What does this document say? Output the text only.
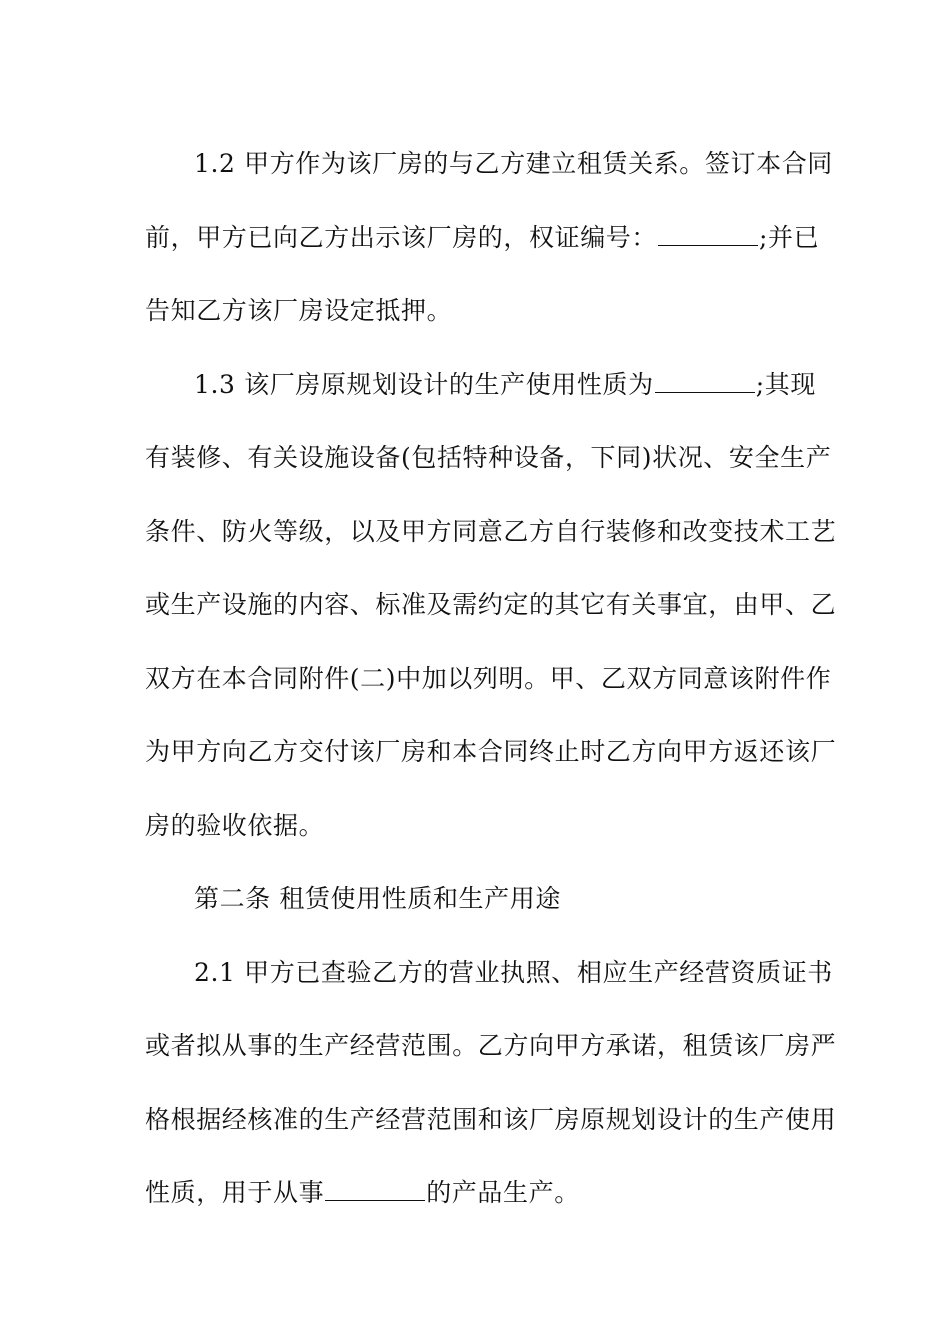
1.2 甲方作为该厂房的与乙方建立租赁关系。签订本合同
前，甲方已向乙方出示该厂房的，权证编号：	;并已
告知乙方该厂房设定抵押。

1.3 该厂房原规划设计的生产使用性质为	;其现
有装修、有关设施设备(包括特种设备，下同)状况、安全生产
条件、防火等级，以及甲方同意乙方自行装修和改变技术工艺
或生产设施的内容、标准及需约定的其它有关事宜，由甲、乙
双方在本合同附件(二)中加以列明。甲、乙双方同意该附件作
为甲方向乙方交付该厂房和本合同终止时乙方向甲方返还该厂
房的验收依据。

第二条 租赁使用性质和生产用途

2.1 甲方已查验乙方的营业执照、相应生产经营资质证书
或者拟从事的生产经营范围。乙方向甲方承诺，租赁该厂房严
格根据经核准的生产经营范围和该厂房原规划设计的生产使用
性质，用于从事	的产品生产。
